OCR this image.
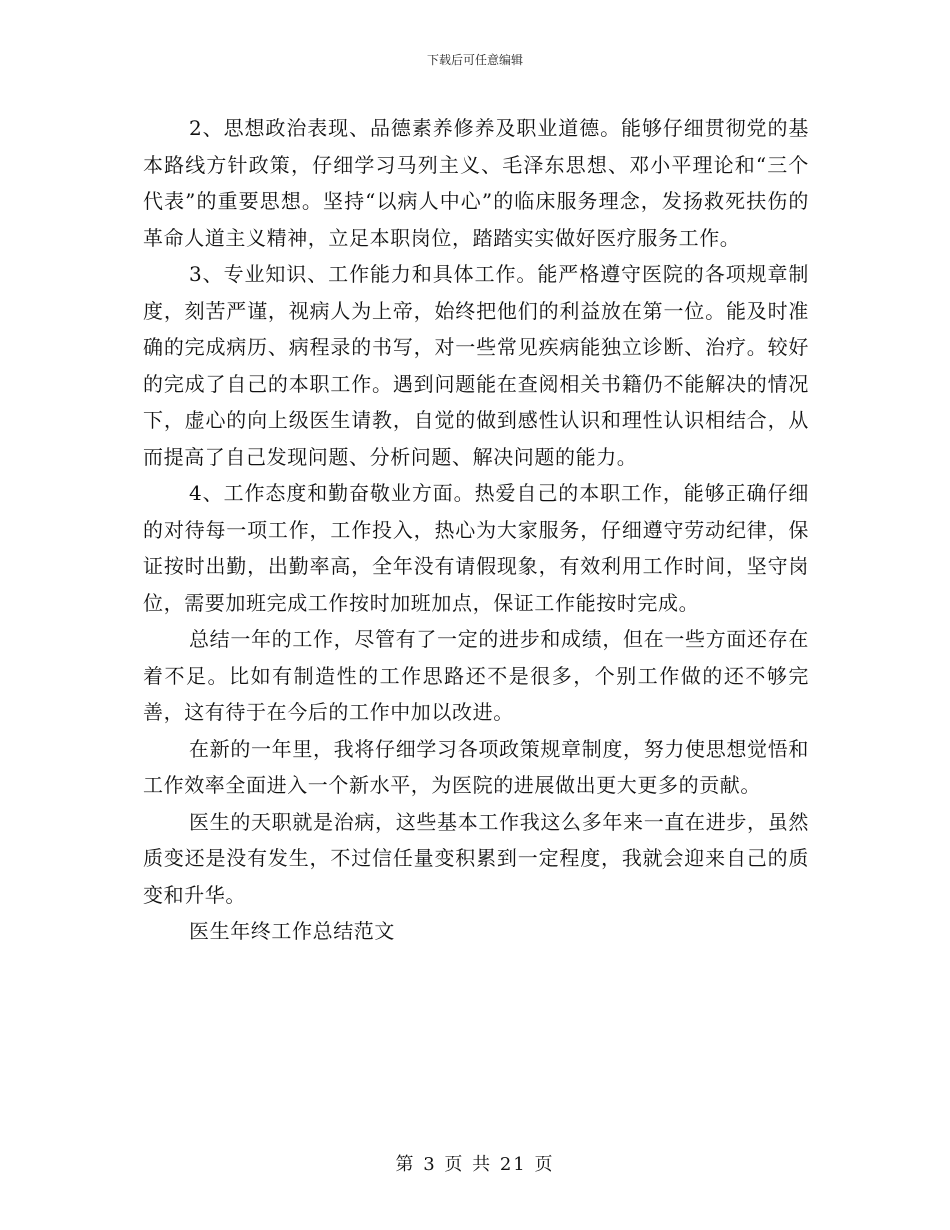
下载后可任意编辑

2、思想政治表现、品德素养修养及职业道德。能够仔细贯彻党的基本路线方针政策，仔细学习马列主义、毛泽东思想、邓小平理论和“三个代表”的重要思想。坚持“以病人中心”的临床服务理念，发扬救死扶伤的革命人道主义精神，立足本职岗位，踏踏实实做好医疗服务工作。

3、专业知识、工作能力和具体工作。能严格遵守医院的各项规章制度，刻苦严谨，视病人为上帝，始终把他们的利益放在第一位。能及时准确的完成病历、病程录的书写，对一些常见疾病能独立诊断、治疗。较好的完成了自己的本职工作。遇到问题能在查阅相关书籍仍不能解决的情况下，虚心的向上级医生请教，自觉的做到感性认识和理性认识相结合，从而提高了自己发现问题、分析问题、解决问题的能力。

4、工作态度和勤奋敬业方面。热爱自己的本职工作，能够正确仔细的对待每一项工作，工作投入，热心为大家服务，仔细遵守劳动纪律，保证按时出勤，出勤率高，全年没有请假现象，有效利用工作时间，坚守岗位，需要加班完成工作按时加班加点，保证工作能按时完成。

总结一年的工作，尽管有了一定的进步和成绩，但在一些方面还存在着不足。比如有制造性的工作思路还不是很多，个别工作做的还不够完善，这有待于在今后的工作中加以改进。

在新的一年里，我将仔细学习各项政策规章制度，努力使思想觉悟和工作效率全面进入一个新水平，为医院的进展做出更大更多的贡献。

医生的天职就是治病，这些基本工作我这么多年来一直在进步，虽然质变还是没有发生，不过信任量变积累到一定程度，我就会迎来自己的质变和升华。

医生年终工作总结范文

第 3 页 共 21 页
